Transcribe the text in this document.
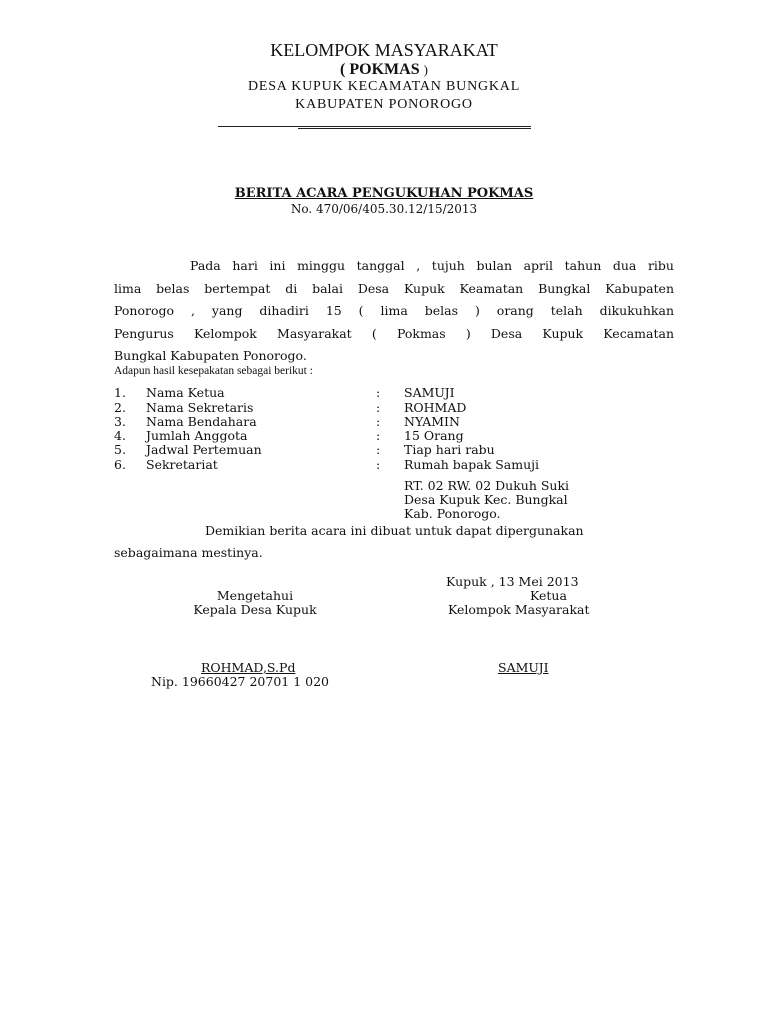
KELOMPOK MASYARAKAT
( POKMAS )
DESA KUPUK KECAMATAN BUNGKAL
KABUPATEN PONOROGO
BERITA ACARA PENGUKUHAN POKMAS
No. 470/06/405.30.12/15/2013
Pada hari ini minggu tanggal , tujuh bulan april tahun dua ribu
lima belas bertempat di balai Desa Kupuk Keamatan Bungkal Kabupaten
Ponorogo , yang dihadiri 15 ( lima belas ) orang telah dikukuhkan
Pengurus Kelompok Masyarakat ( Pokmas ) Desa Kupuk Kecamatan
Bungkal Kabupaten Ponorogo.
Adapun hasil kesepakatan sebagai berikut :
1. Nama Ketua	: SAMUJI
2. Nama Sekretaris	: ROHMAD
3. Nama Bendahara	: NYAMIN
4. Jumlah Anggota	: 15 Orang
5. Jadwal Pertemuan	: Tiap hari rabu
6. Sekretariat	: Rumah bapak Samuji
RT. 02 RW. 02 Dukuh Suki
Desa Kupuk Kec. Bungkal
Kab. Ponorogo.
Demikian berita acara ini dibuat untuk dapat dipergunakan
sebagaimana mestinya.
Kupuk , 13 Mei 2013
Mengetahui
Kepala Desa Kupuk
Ketua
Kelompok Masyarakat
ROHMAD,S.Pd
Nip. 19660427 20701 1 020
SAMUJI
